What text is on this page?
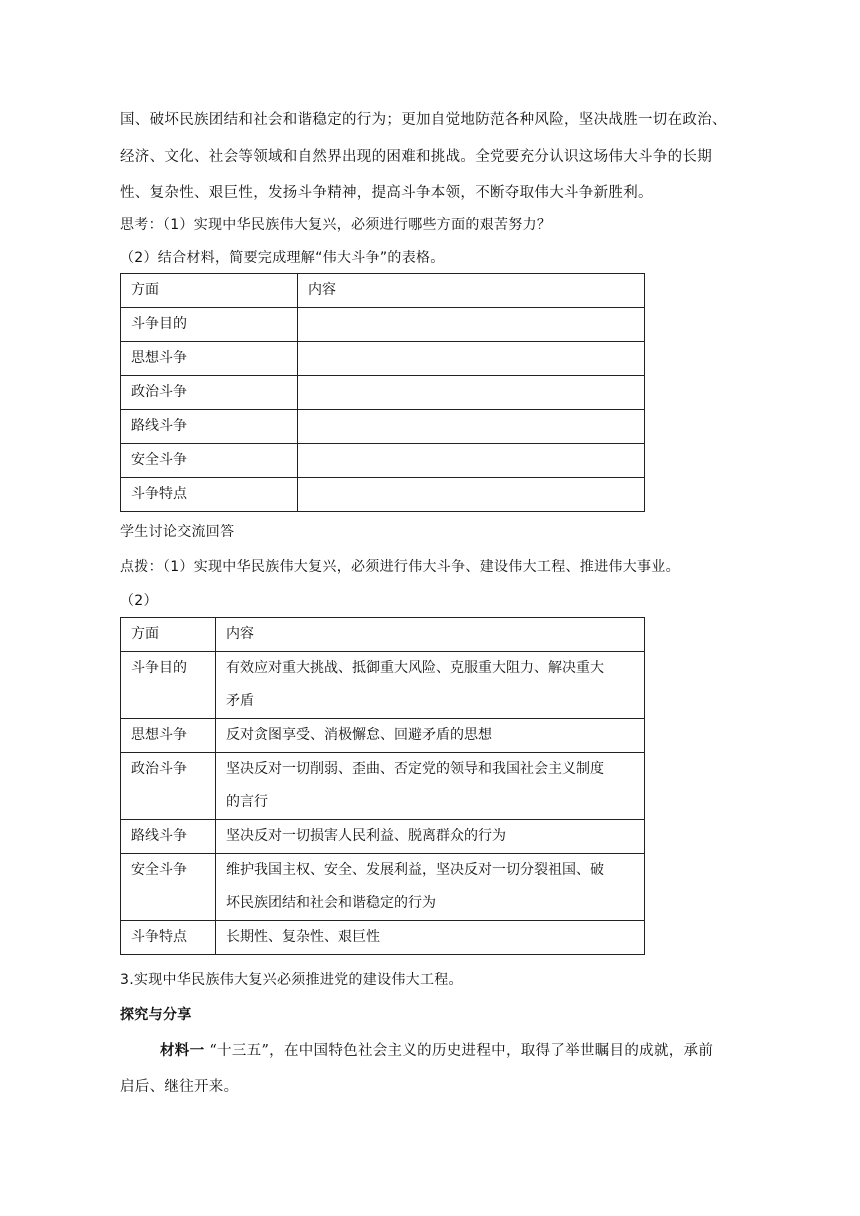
国、破坏民族团结和社会和谐稳定的行为；更加自觉地防范各种风险，坚决战胜一切在政治、
经济、文化、社会等领域和自然界出现的困难和挑战。全党要充分认识这场伟大斗争的长期
性、复杂性、艰巨性，发扬斗争精神，提高斗争本领，不断夺取伟大斗争新胜利。
思考：（1）实现中华民族伟大复兴，必须进行哪些方面的艰苦努力？
（2）结合材料，简要完成理解“伟大斗争”的表格。
方面	内容
斗争目的	
思想斗争	
政治斗争	
路线斗争	
安全斗争	
斗争特点	
学生讨论交流回答
点拨：（1）实现中华民族伟大复兴，必须进行伟大斗争、建设伟大工程、推进伟大事业。
（2）
方面	内容
斗争目的	有效应对重大挑战、抵御重大风险、克服重大阻力、解决重大
矛盾

思想斗争	反对贪图享受、消极懈怠、回避矛盾的思想

政治斗争	坚决反对一切削弱、歪曲、否定党的领导和我国社会主义制度
的言行

路线斗争	坚决反对一切损害人民利益、脱离群众的行为

安全斗争	维护我国主权、安全、发展利益，坚决反对一切分裂祖国、破
坏民族团结和社会和谐稳定的行为

斗争特点	长期性、复杂性、艰巨性
3.实现中华民族伟大复兴必须推进党的建设伟大工程。
探究与分享
材料一 “十三五”，在中国特色社会主义的历史进程中，取得了举世瞩目的成就，承前
启后、继往开来。
